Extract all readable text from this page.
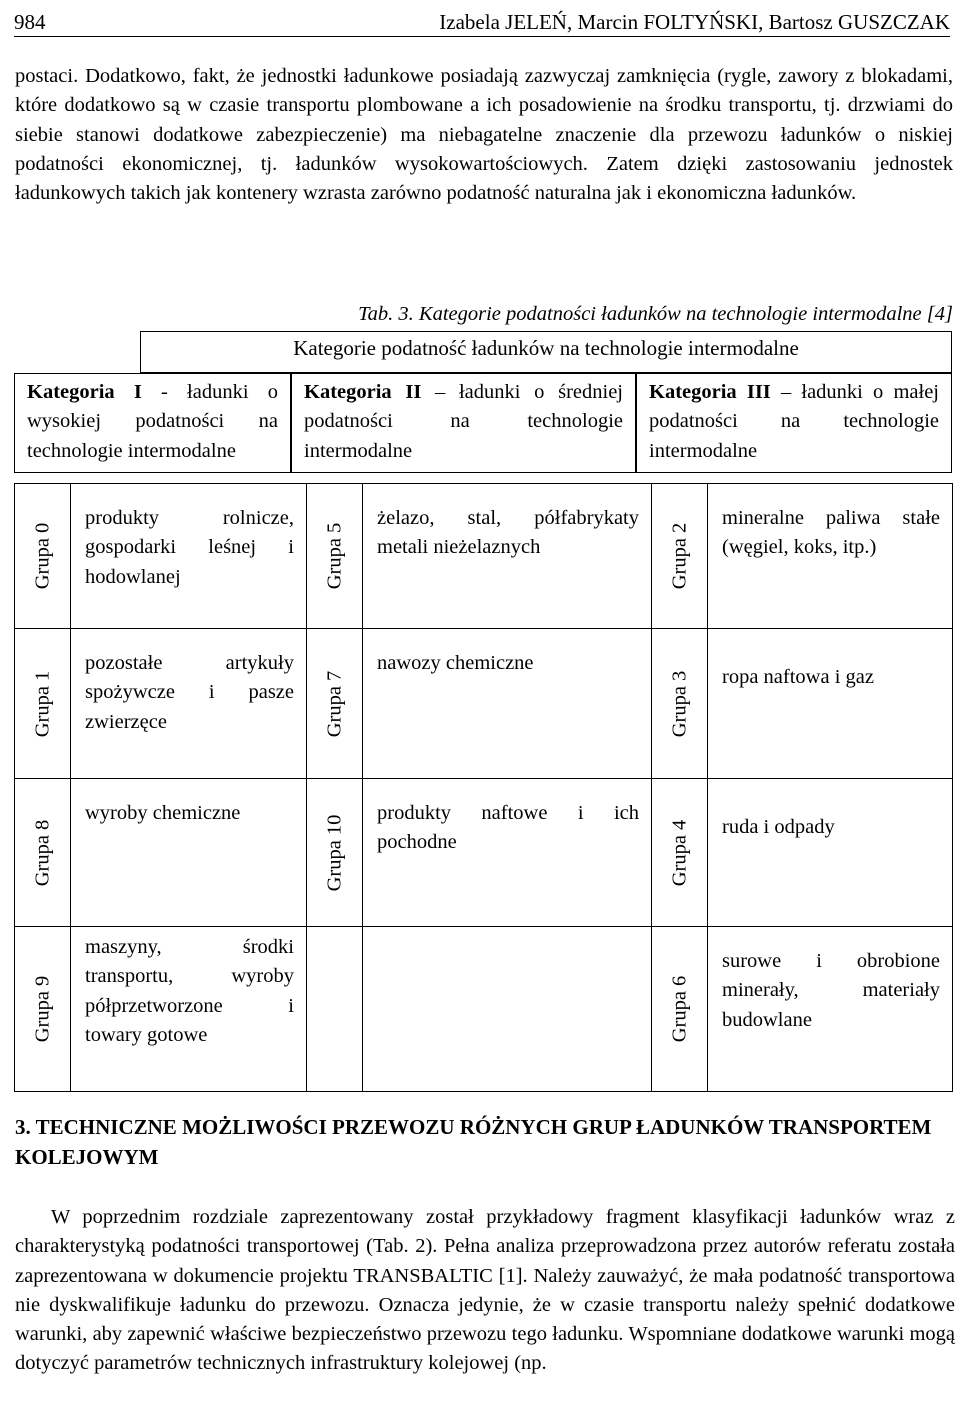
984	Izabela JELEŃ, Marcin FOLTYŃSKI, Bartosz GUSZCZAK
postaci. Dodatkowo, fakt, że jednostki ładunkowe posiadają zazwyczaj zamknięcia (rygle, zawory z blokadami, które dodatkowo są w czasie transportu plombowane a ich posadowienie na środku transportu, tj. drzwiami do siebie stanowi dodatkowe zabezpieczenie) ma niebagatelne znaczenie dla przewozu ładunków o niskiej podatności ekonomicznej, tj. ładunków wysokowartościowych. Zatem dzięki zastosowaniu jednostek ładunkowych takich jak kontenery wzrasta zarówno podatność naturalna jak i ekonomiczna ładunków.
Tab. 3. Kategorie podatności ładunków na technologie intermodalne [4]
Kategorie podatność ładunków na technologie intermodalne
Kategoria I - ładunki o wysokiej podatności na technologie intermodalne
Kategoria II – ładunki o średniej podatności na technologie intermodalne
Kategoria III – ładunki o małej podatności na technologie intermodalne
Grupa 0	produkty rolnicze, gospodarki leśnej i hodowlanej	Grupa 5	żelazo, stal, półfabrykaty metali nieżelaznych	Grupa 2	mineralne paliwa stałe (węgiel, koks, itp.)

Grupa 1	pozostałe artykuły spożywcze i pasze zwierzęce	Grupa 7	nawozy chemiczne	Grupa 3	ropa naftowa i gaz

Grupa 8	wyroby chemiczne	Grupa 10	produkty naftowe i ich pochodne	Grupa 4	ruda i odpady

Grupa 9	maszyny, środki transportu, wyroby półprzetworzone i towary gotowe			Grupa 6	surowe i obrobione minerały, materiały budowlane
3. TECHNICZNE MOŻLIWOŚCI PRZEWOZU RÓŻNYCH GRUP ŁADUNKÓW TRANSPORTEM KOLEJOWYM
W poprzednim rozdziale zaprezentowany został przykładowy fragment klasyfikacji ładunków wraz z charakterystyką podatności transportowej (Tab. 2). Pełna analiza przeprowadzona przez autorów referatu została zaprezentowana w dokumencie projektu TRANSBALTIC [1]. Należy zauważyć, że mała podatność transportowa nie dyskwalifikuje ładunku do przewozu. Oznacza jedynie, że w czasie transportu należy spełnić dodatkowe warunki, aby zapewnić właściwe bezpieczeństwo przewozu tego ładunku. Wspomniane dodatkowe warunki mogą dotyczyć parametrów technicznych infrastruktury kolejowej (np.
